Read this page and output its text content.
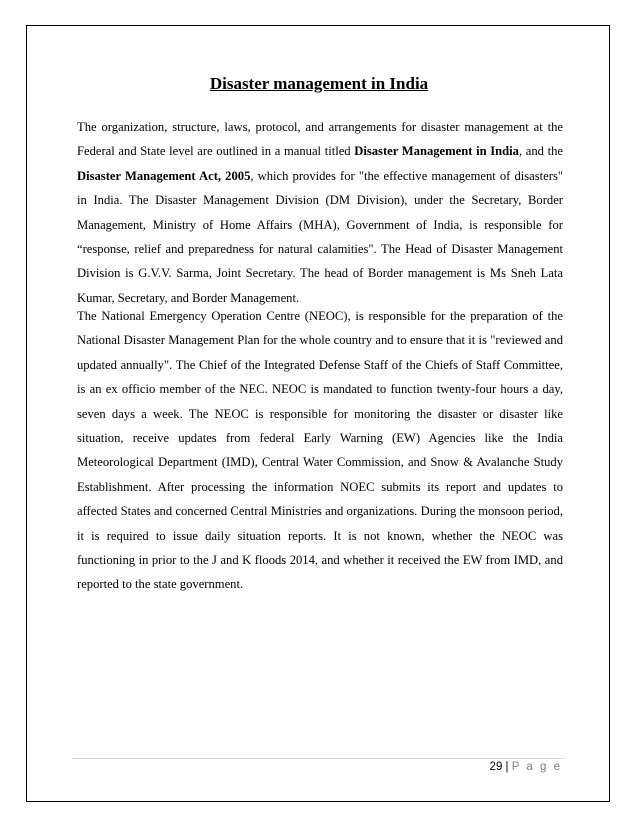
Disaster management in India

The organization, structure, laws, protocol, and arrangements for disaster management at the Federal and State level are outlined in a manual titled Disaster Management in India, and the Disaster Management Act, 2005, which provides for "the effective management of disasters" in India. The Disaster Management Division (DM Division), under the Secretary, Border Management, Ministry of Home Affairs (MHA), Government of India, is responsible for “response, relief and preparedness for natural calamities". The Head of Disaster Management Division is G.V.V. Sarma, Joint Secretary. The head of Border management is Ms Sneh Lata Kumar, Secretary, and Border Management.

The National Emergency Operation Centre (NEOC), is responsible for the preparation of the National Disaster Management Plan for the whole country and to ensure that it is "reviewed and updated annually". The Chief of the Integrated Defense Staff of the Chiefs of Staff Committee, is an ex officio member of the NEC. NEOC is mandated to function twenty-four hours a day, seven days a week. The NEOC is responsible for monitoring the disaster or disaster like situation, receive updates from federal Early Warning (EW) Agencies like the India Meteorological Department (IMD), Central Water Commission, and Snow & Avalanche Study Establishment. After processing the information NOEC submits its report and updates to affected States and concerned Central Ministries and organizations. During the monsoon period, it is required to issue daily situation reports. It is not known, whether the NEOC was functioning in prior to the J and K floods 2014, and whether it received the EW from IMD, and reported to the state government.

29 | P a g e
